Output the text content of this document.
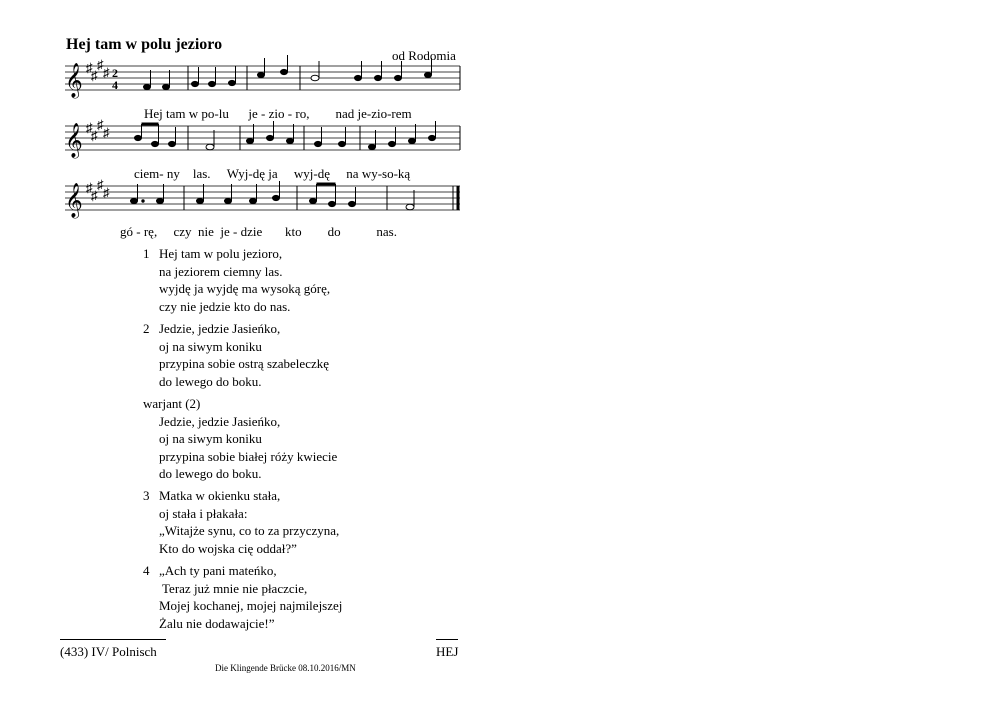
Hej tam w polu jezioro
od Rodomia
𝄞 ♯
♯
♯
♯ 2
4
Hej tam w po-lu je - zio - ro, nad je-zio-rem
𝄞 ♯
♯
♯
♯
ciem- ny las. Wyj-dę ja wyj-dę na wy-so-ką
𝄞 ♯
♯
♯
♯
gó - rę, czy nie je - dzie kto do	nas.
1 Hej tam w polu jezioro,
na jeziorem ciemny las.
wyjdę ja wyjdę ma wysoką górę,
czy nie jedzie kto do nas.
2 Jedzie, jedzie Jasieńko,
oj na siwym koniku
przypina sobie ostrą szabeleczkę
do lewego do boku.
warjant (2)
Jedzie, jedzie Jasieńko,
oj na siwym koniku
przypina sobie białej róży kwiecie
do lewego do boku.
3 Matka w okienku stała,
oj stała i płakała:
„Witajże synu, co to za przyczyna,
Kto do wojska cię oddał?”
4 „Ach ty pani mateńko,
Teraz już mnie nie płaczcie,
Mojej kochanej, mojej najmilejszej
Żalu nie dodawajcie!”
(433) IV/ Polnisch	HEJ
Die Klingende Brücke 08.10.2016/MN
